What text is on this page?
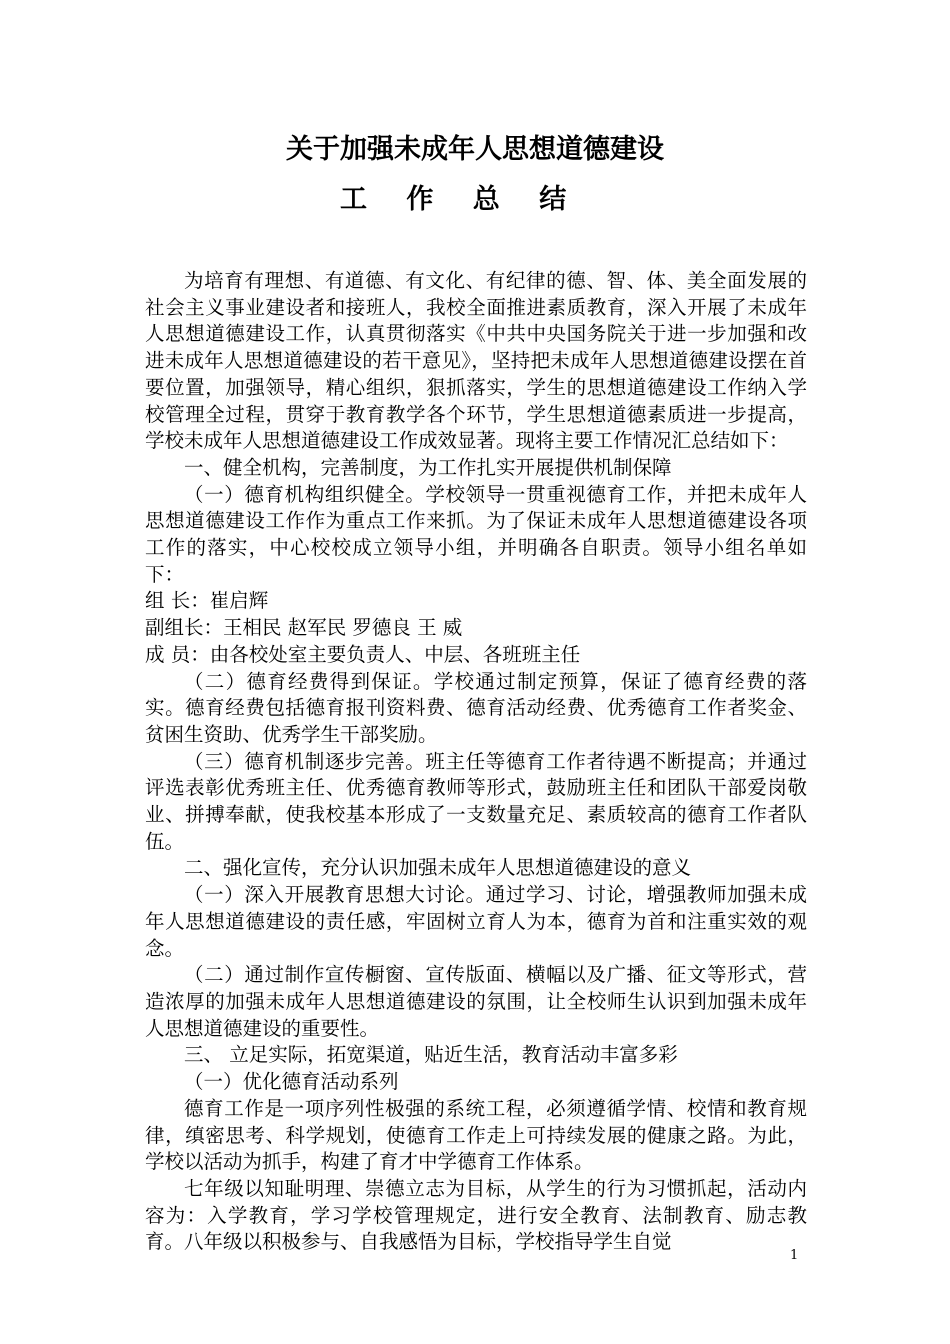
关于加强未成年人思想道德建设
工 作 总 结

为培育有理想、有道德、有文化、有纪律的德、智、体、美全面发展的社会主义事业建设者和接班人，我校全面推进素质教育，深入开展了未成年人思想道德建设工作，认真贯彻落实《中共中央国务院关于进一步加强和改进未成年人思想道德建设的若干意见》，坚持把未成年人思想道德建设摆在首要位置，加强领导，精心组织，狠抓落实，学生的思想道德建设工作纳入学校管理全过程，贯穿于教育教学各个环节，学生思想道德素质进一步提高，学校未成年人思想道德建设工作成效显著。现将主要工作情况汇总结如下：

一、健全机构，完善制度，为工作扎实开展提供机制保障

（一）德育机构组织健全。学校领导一贯重视德育工作，并把未成年人思想道德建设工作作为重点工作来抓。为了保证未成年人思想道德建设各项工作的落实，中心校校成立领导小组，并明确各自职责。领导小组名单如下：

组 长：崔启辉

副组长：王相民 赵军民 罗德良 王 威

成 员：由各校处室主要负责人、中层、各班班主任

（二）德育经费得到保证。学校通过制定预算，保证了德育经费的落实。德育经费包括德育报刊资料费、德育活动经费、优秀德育工作者奖金、贫困生资助、优秀学生干部奖励。

（三）德育机制逐步完善。班主任等德育工作者待遇不断提高；并通过评选表彰优秀班主任、优秀德育教师等形式，鼓励班主任和团队干部爱岗敬业、拼搏奉献，使我校基本形成了一支数量充足、素质较高的德育工作者队伍。

二、强化宣传，充分认识加强未成年人思想道德建设的意义

（一）深入开展教育思想大讨论。通过学习、讨论，增强教师加强未成年人思想道德建设的责任感，牢固树立育人为本，德育为首和注重实效的观念。

（二）通过制作宣传橱窗、宣传版面、横幅以及广播、征文等形式，营造浓厚的加强未成年人思想道德建设的氛围，让全校师生认识到加强未成年人思想道德建设的重要性。

三、 立足实际，拓宽渠道，贴近生活，教育活动丰富多彩

（一）优化德育活动系列

德育工作是一项序列性极强的系统工程，必须遵循学情、校情和教育规律，缜密思考、科学规划，使德育工作走上可持续发展的健康之路。为此，学校以活动为抓手，构建了育才中学德育工作体系。

七年级以知耻明理、崇德立志为目标，从学生的行为习惯抓起，活动内容为：入学教育，学习学校管理规定，进行安全教育、法制教育、励志教育。八年级以积极参与、自我感悟为目标，学校指导学生自觉

1
